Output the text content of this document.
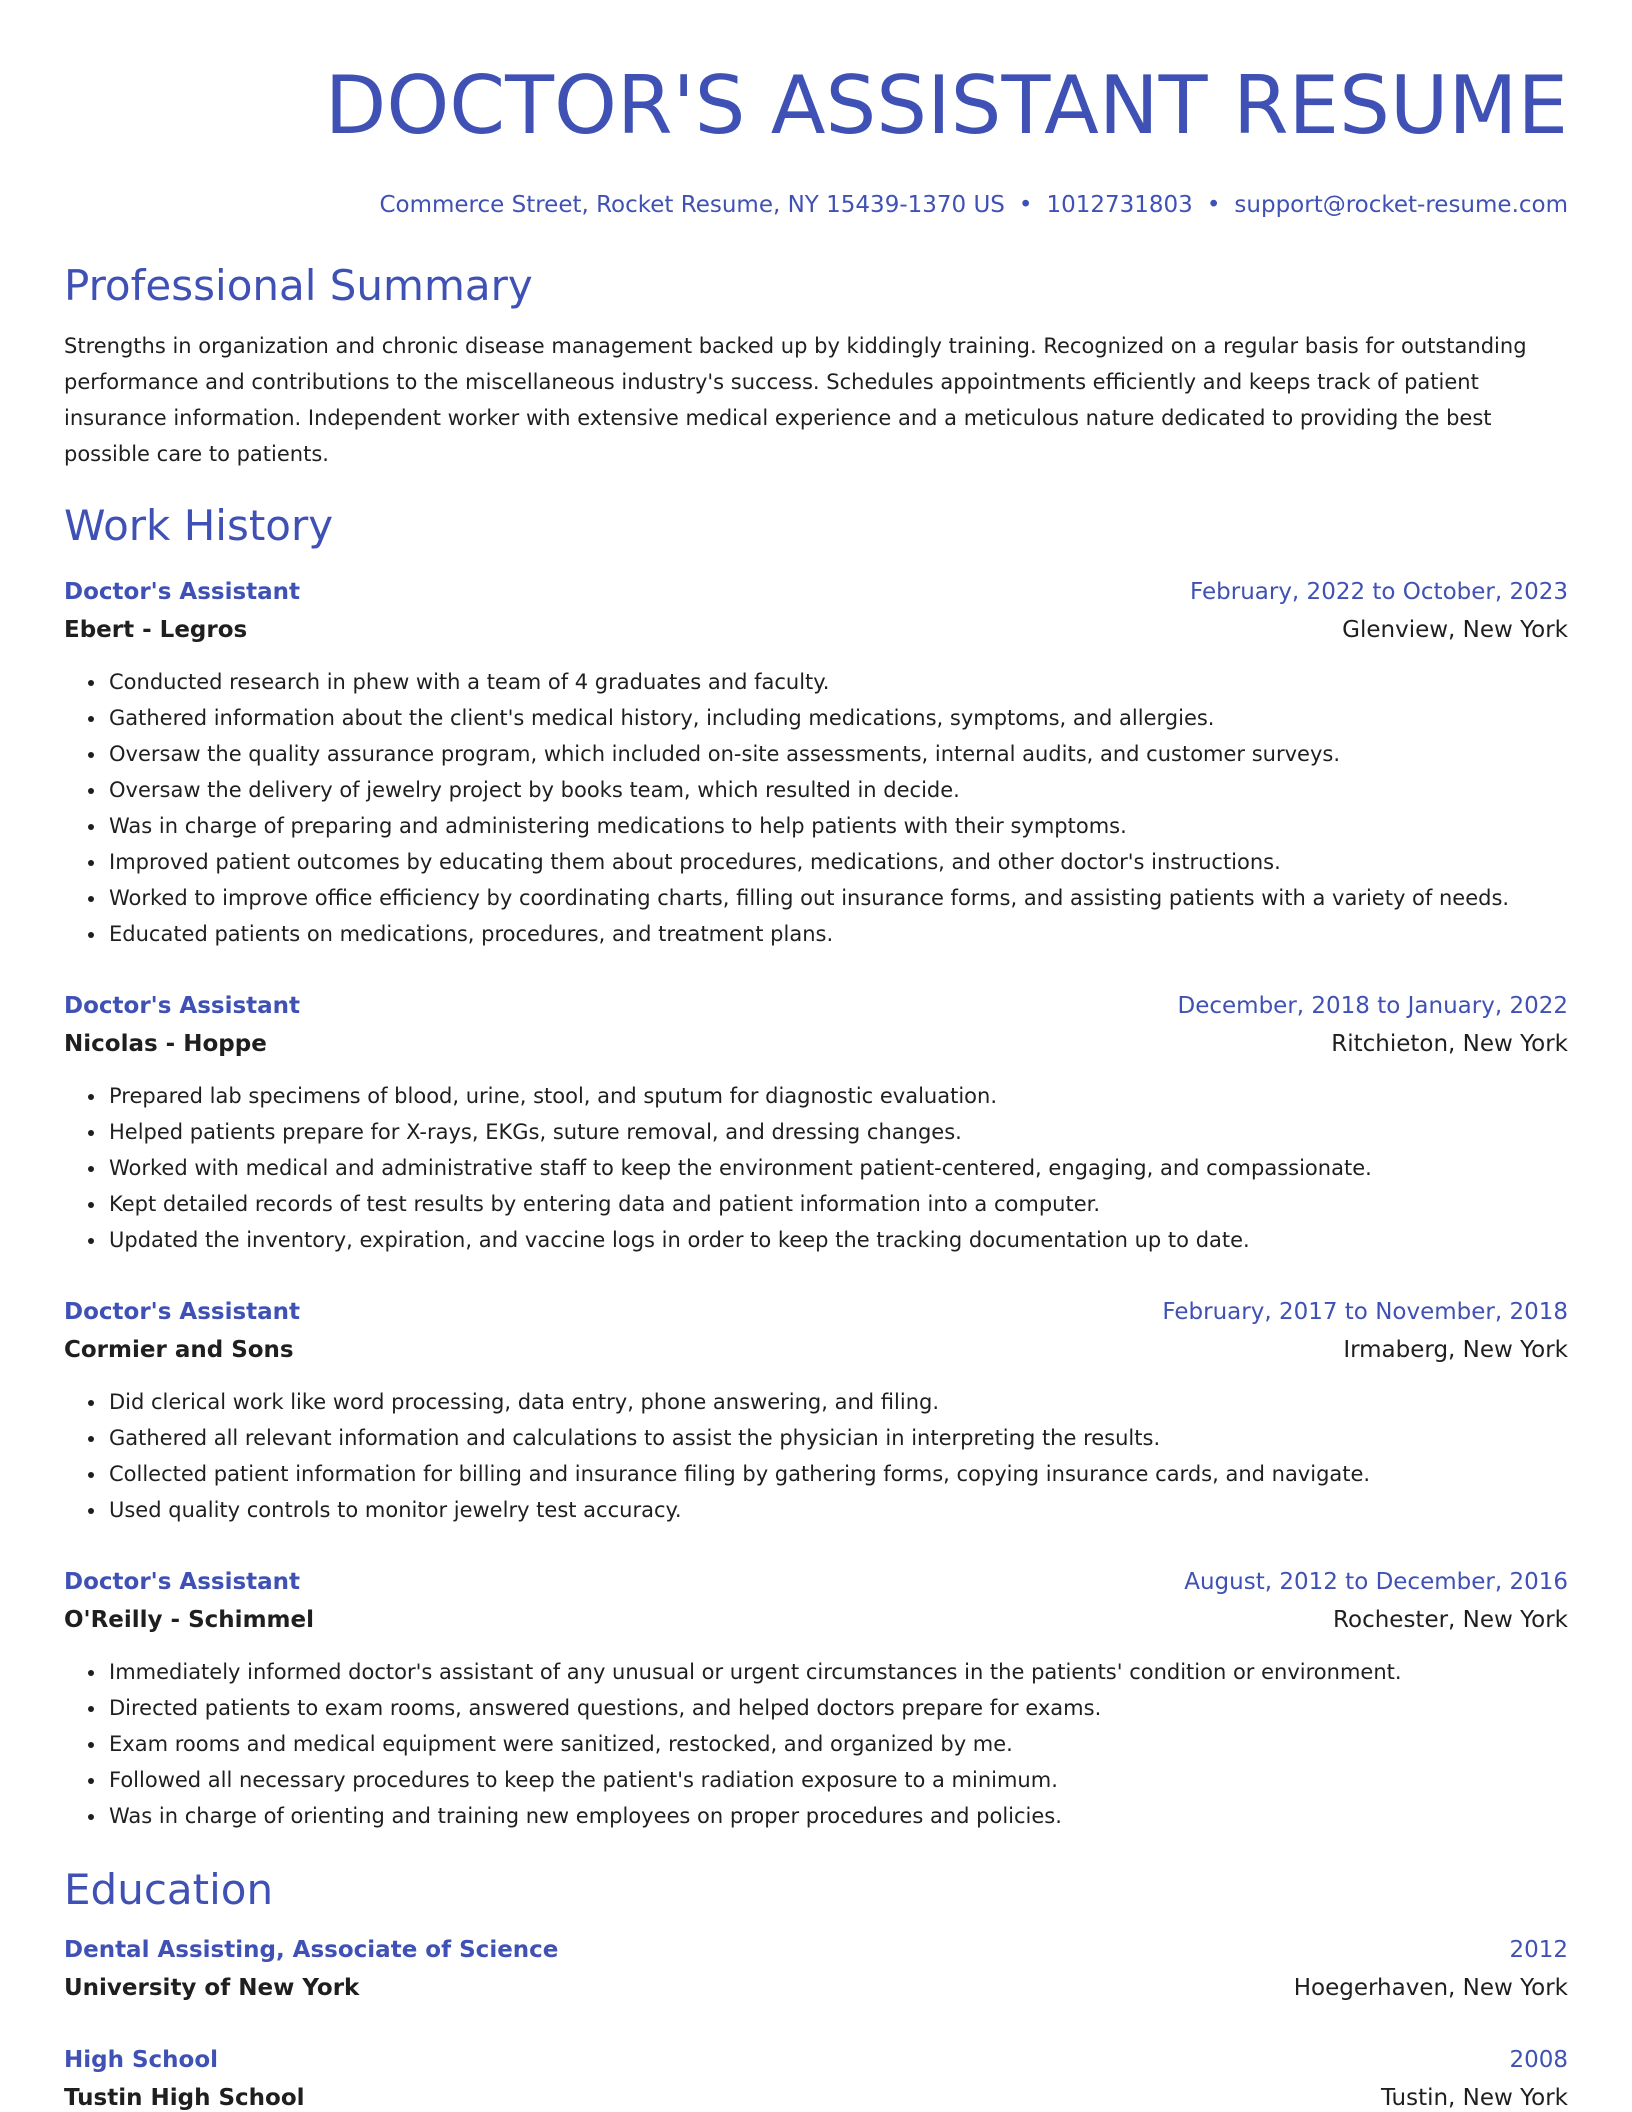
DOCTOR'S ASSISTANT RESUME
Commerce Street, Rocket Resume, NY 15439-1370 US • 1012731803 • support@rocket-resume.com
Professional Summary
Strengths in organization and chronic disease management backed up by kiddingly training. Recognized on a regular basis for outstanding performance and contributions to the miscellaneous industry's success. Schedules appointments efficiently and keeps track of patient insurance information. Independent worker with extensive medical experience and a meticulous nature dedicated to providing the best possible care to patients.
Work History
Doctor's Assistant	February, 2022 to October, 2023
Ebert - Legros	Glenview, New York
• Conducted research in phew with a team of 4 graduates and faculty.
• Gathered information about the client's medical history, including medications, symptoms, and allergies.
• Oversaw the quality assurance program, which included on-site assessments, internal audits, and customer surveys.
• Oversaw the delivery of jewelry project by books team, which resulted in decide.
• Was in charge of preparing and administering medications to help patients with their symptoms.
• Improved patient outcomes by educating them about procedures, medications, and other doctor's instructions.
• Worked to improve office efficiency by coordinating charts, filling out insurance forms, and assisting patients with a variety of needs.
• Educated patients on medications, procedures, and treatment plans.
Doctor's Assistant	December, 2018 to January, 2022
Nicolas - Hoppe	Ritchieton, New York
• Prepared lab specimens of blood, urine, stool, and sputum for diagnostic evaluation.
• Helped patients prepare for X-rays, EKGs, suture removal, and dressing changes.
• Worked with medical and administrative staff to keep the environment patient-centered, engaging, and compassionate.
• Kept detailed records of test results by entering data and patient information into a computer.
• Updated the inventory, expiration, and vaccine logs in order to keep the tracking documentation up to date.
Doctor's Assistant	February, 2017 to November, 2018
Cormier and Sons	Irmaberg, New York
• Did clerical work like word processing, data entry, phone answering, and filing.
• Gathered all relevant information and calculations to assist the physician in interpreting the results.
• Collected patient information for billing and insurance filing by gathering forms, copying insurance cards, and navigate.
• Used quality controls to monitor jewelry test accuracy.
Doctor's Assistant	August, 2012 to December, 2016
O'Reilly - Schimmel	Rochester, New York
• Immediately informed doctor's assistant of any unusual or urgent circumstances in the patients' condition or environment.
• Directed patients to exam rooms, answered questions, and helped doctors prepare for exams.
• Exam rooms and medical equipment were sanitized, restocked, and organized by me.
• Followed all necessary procedures to keep the patient's radiation exposure to a minimum.
• Was in charge of orienting and training new employees on proper procedures and policies.
Education
Dental Assisting, Associate of Science	2012
University of New York	Hoegerhaven, New York
High School	2008
Tustin High School	Tustin, New York
